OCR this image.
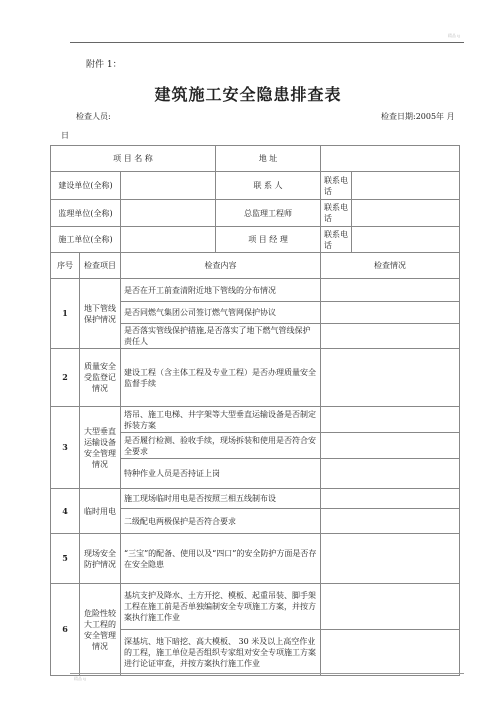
精品 ij
附件 1：
建筑施工安全隐患排查表
检查人员:	检查日期:2005年 月
日
项 目 名 称			地 址		
建设单位(全称)			联 系 人	联系电话	
监理单位(全称)			总监理工程师	联系电话	
施工单位(全称)			项 目 经 理	联系电话	
序号	检查项目	检查内容		检查情况	
1	地下管线保护情况	是否在开工前查清附近地下管线的分布情况			
		是否同燃气集团公司签订燃气管网保护协议			
		是否落实管线保护措施,是否落实了地下燃气管线保护责任人			
2	质量安全受监登记情况	建设工程（含主体工程及专业工程）是否办理质量安全监督手续			
3	大型垂直运输设备安全管理情况	塔吊、施工电梯、井字架等大型垂直运输设备是否制定拆装方案			
		是否履行检测、验收手续，现场拆装和使用是否符合安全要求			
		特种作业人员是否持证上岗			
4	临时用电	施工现场临时用电是否按照三相五线制布设			
		二级配电两极保护是否符合要求			
5	现场安全防护情况	“三宝”的配备、使用以及“四口”的安全防护方面是否存在安全隐患			
6	危险性较大工程的安全管理情况	基坑支护及降水、土方开挖、模板、起重吊装、脚手架工程在施工前是否单独编制安全专项施工方案，并按方案执行施工作业			
		深基坑、地下暗挖、高大模板、 30 米及以上高空作业的工程，施工单位是否组织专家组对安全专项施工方案进行论证审查，并按方案执行施工作业			
精品 ij
